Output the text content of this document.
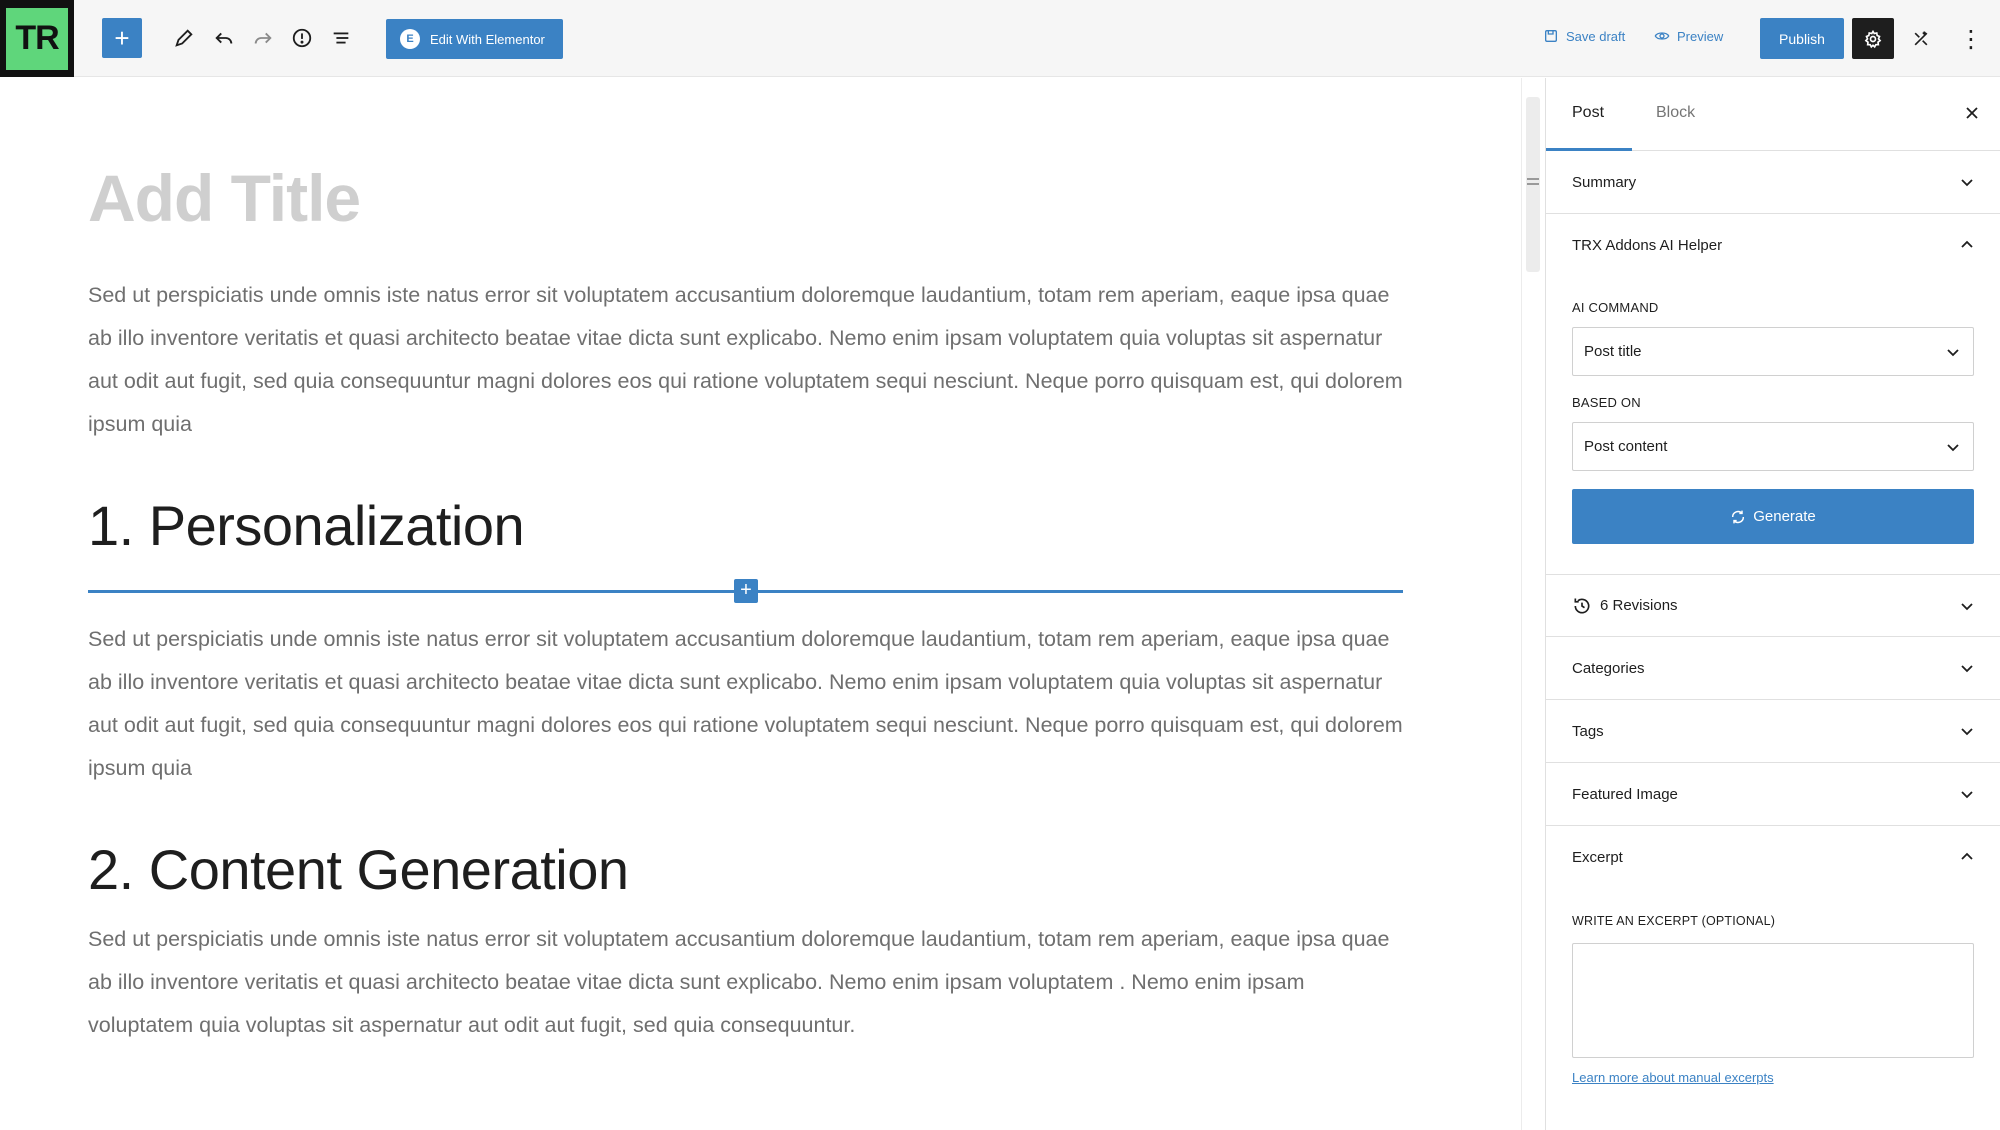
TR	+	E	Edit With Elementor	Save draft	Preview	Publish	⋮
Add Title
Sed ut perspiciatis unde omnis iste natus error sit voluptatem accusantium doloremque laudantium, totam rem aperiam, eaque ipsa quae ab illo inventore veritatis et quasi architecto beatae vitae dicta sunt explicabo. Nemo enim ipsam voluptatem quia voluptas sit aspernatur aut odit aut fugit, sed quia consequuntur magni dolores eos qui ratione voluptatem sequi nesciunt. Neque porro quisquam est, qui dolorem ipsum quia
1. Personalization
+
Sed ut perspiciatis unde omnis iste natus error sit voluptatem accusantium doloremque laudantium, totam rem aperiam, eaque ipsa quae ab illo inventore veritatis et quasi architecto beatae vitae dicta sunt explicabo. Nemo enim ipsam voluptatem quia voluptas sit aspernatur aut odit aut fugit, sed quia consequuntur magni dolores eos qui ratione voluptatem sequi nesciunt. Neque porro quisquam est, qui dolorem ipsum quia
2. Content Generation
Sed ut perspiciatis unde omnis iste natus error sit voluptatem accusantium doloremque laudantium, totam rem aperiam, eaque ipsa quae ab illo inventore veritatis et quasi architecto beatae vitae dicta sunt explicabo. Nemo enim ipsam voluptatem . Nemo enim ipsam voluptatem quia voluptas sit aspernatur aut odit aut fugit, sed quia consequuntur.
Post	Block
Summary
TRX Addons AI Helper
AI COMMAND
Post title
BASED ON
Post content
Generate
6 Revisions
Categories
Tags
Featured Image
Excerpt
WRITE AN EXCERPT (OPTIONAL)
Learn more about manual excerpts
